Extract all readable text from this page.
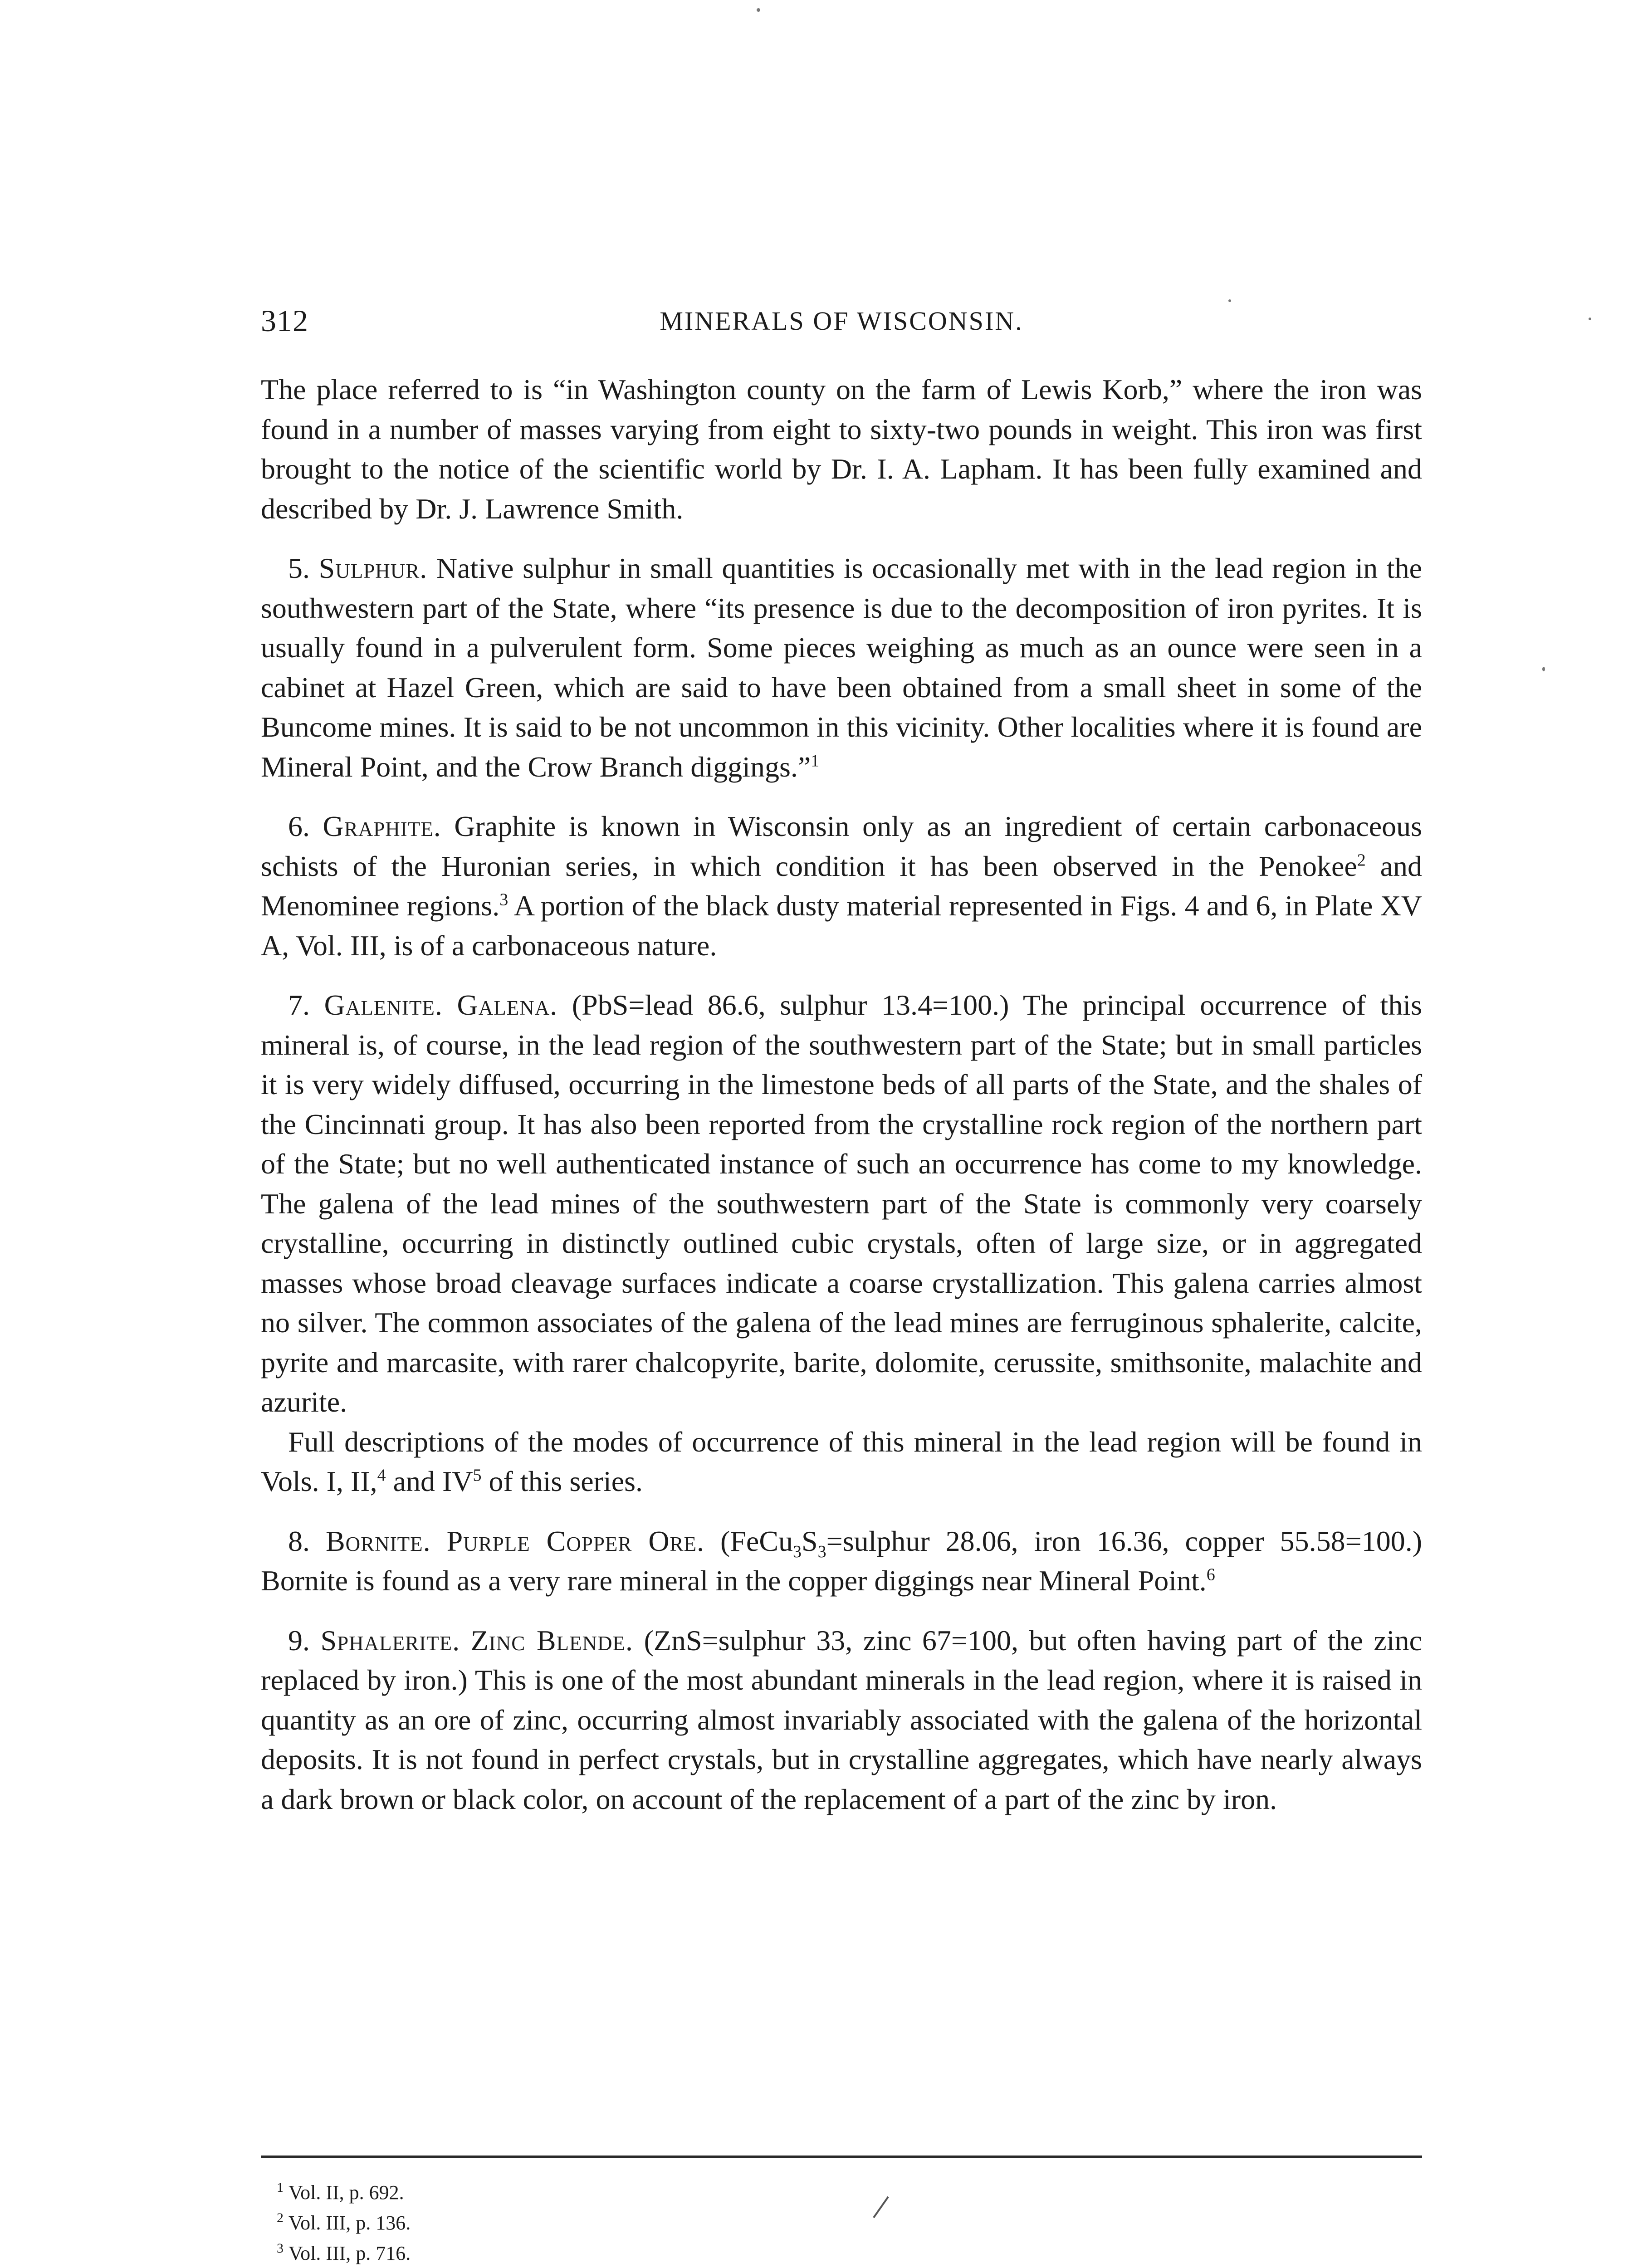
312	MINERALS OF WISCONSIN.

The place referred to is “in Washington county on the farm of Lewis Korb,” where the iron was found in a number of masses varying from eight to sixty-two pounds in weight. This iron was first brought to the notice of the scientific world by Dr. I. A. Lapham. It has been fully examined and described by Dr. J. Lawrence Smith.

5. Sulphur. Native sulphur in small quantities is occasionally met with in the lead region in the southwestern part of the State, where “its presence is due to the decomposition of iron pyrites. It is usually found in a pulverulent form. Some pieces weighing as much as an ounce were seen in a cabinet at Hazel Green, which are said to have been obtained from a small sheet in some of the Buncome mines. It is said to be not uncommon in this vicinity. Other localities where it is found are Mineral Point, and the Crow Branch diggings.”$^1$

6. Graphite. Graphite is known in Wisconsin only as an ingredient of certain carbonaceous schists of the Huronian series, in which condition it has been observed in the Penokee$^2$ and Menominee regions.$^3$ A portion of the black dusty material represented in Figs. 4 and 6, in Plate XV A, Vol. III, is of a carbonaceous nature.

7. Galenite. Galena. (PbS=lead 86.6, sulphur 13.4=100.) The principal occurrence of this mineral is, of course, in the lead region of the southwestern part of the State; but in small particles it is very widely diffused, occurring in the limestone beds of all parts of the State, and the shales of the Cincinnati group. It has also been reported from the crystalline rock region of the northern part of the State; but no well authenticated instance of such an occurrence has come to my knowledge. The galena of the lead mines of the southwestern part of the State is commonly very coarsely crystalline, occurring in distinctly outlined cubic crystals, often of large size, or in aggregated masses whose broad cleavage surfaces indicate a coarse crystallization. This galena carries almost no silver. The common associates of the galena of the lead mines are ferruginous sphalerite, calcite, pyrite and marcasite, with rarer chalcopyrite, barite, dolomite, cerussite, smithsonite, malachite and azurite.

Full descriptions of the modes of occurrence of this mineral in the lead region will be found in Vols. I, II,$^4$ and $IV^5$ of this series.

8. Bornite. Purple Copper Ore. ($FeCu_3S_3=sulphur$ 28.06, iron 16.36, copper 55.58=100.) Bornite is found as a very rare mineral in the copper diggings near Mineral Point.$^6$

9. Sphalerite. Zinc Blende. (ZnS=sulphur 33, zinc 67=100, but often having part of the zinc replaced by iron.) This is one of the most abundant minerals in the lead region, where it is raised in quantity as an ore of zinc, occurring almost invariably associated with the galena of the horizontal deposits. It is not found in perfect crystals, but in crystalline aggregates, which have nearly always a dark brown or black color, on account of the replacement of a part of the zinc by iron.

1 Vol. II, p. 692.

2 Vol. III, p. 136.

3 Vol. III, p. 716.
